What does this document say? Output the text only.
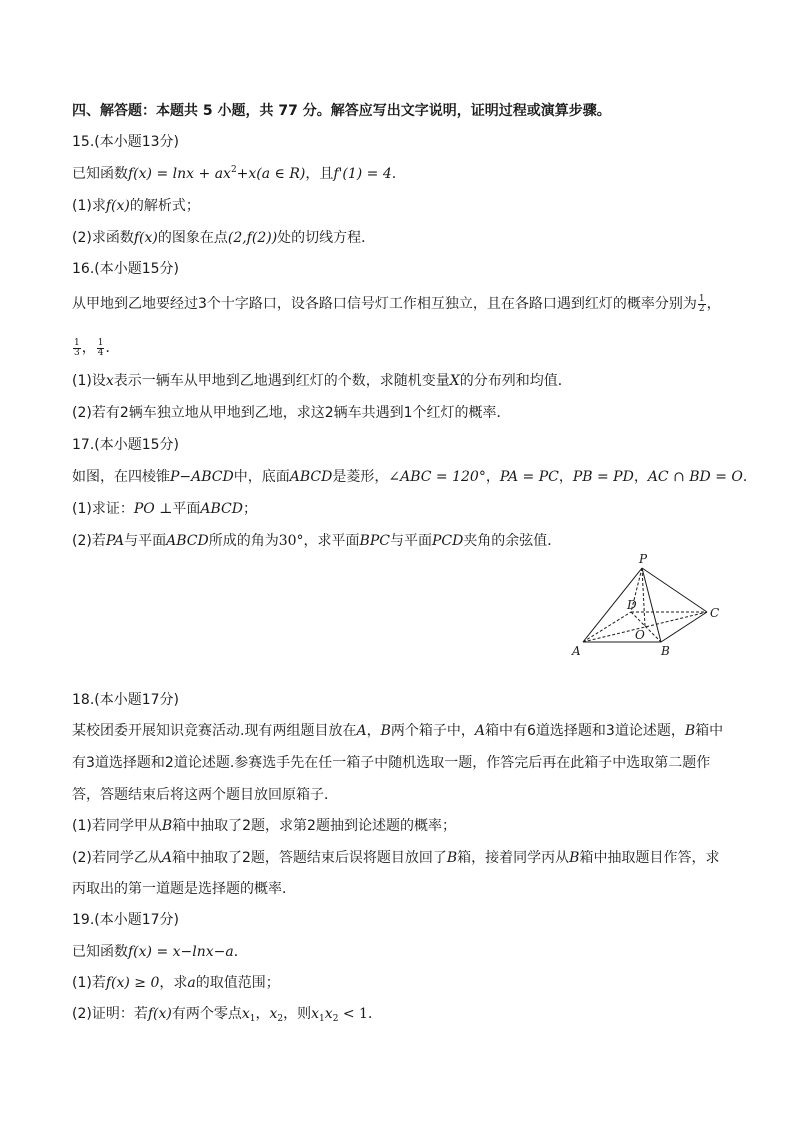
四、解答题：本题共 5 小题，共 77 分。解答应写出文字说明，证明过程或演算步骤。
15.(本小题13分)
已知函数$f(x) = \ln x + ax^2+x(a$ ∈ R)，且f'(1) = 4.
(1)求f(x)的解析式；
(2)求函数f(x)的图象在点(2,f(2))处的切线方程．
16.(本小题15分)
从甲地到乙地要经过3个十字路口，设各路口信号灯工作相互独立，且在各路口遇到红灯的概率分别为 $\frac{1}{2}$ ，
$\frac{1}{3}$ ， $\frac{1}{4}$ ．
(1)设x表示一辆车从甲地到乙地遇到红灯的个数，求随机变量X的分布列和均值．
(2)若有2辆车独立地从甲地到乙地，求这2辆车共遇到1个红灯的概率．
17.(本小题15分)
如图，在四棱锥P−ABCD中，底面ABCD是菱形，∠ABC = 120°，PA = PC，PB = PD，AC ∩ BD = O．
(1)求证：PO ⊥平面ABCD；
(2)若PA与平面ABCD所成的角为30°，求平面BPC与平面PCD夹角的余弦值．
P
D
C
O
A	B
18.(本小题17分)
某校团委开展知识竞赛活动.现有两组题目放在A，B两个箱子中，A箱中有6道选择题和3道论述题，B箱中
有3道选择题和2道论述题.参赛选手先在任一箱子中随机选取一题，作答完后再在此箱子中选取第二题作
答，答题结束后将这两个题目放回原箱子．
(1)若同学甲从B箱中抽取了2题，求第2题抽到论述题的概率；
(2)若同学乙从A箱中抽取了2题，答题结束后误将题目放回了B箱，接着同学丙从B箱中抽取题目作答，求
丙取出的第一道题是选择题的概率．
19.(本小题17分)
已知函数f(x) = x−lnx−a．
(1)若f(x) ≥ 0，求a的取值范围；
(2)证明：若f(x)有两个零点$x_1$，$x_2$，则$x_1x_2 < 1$．
